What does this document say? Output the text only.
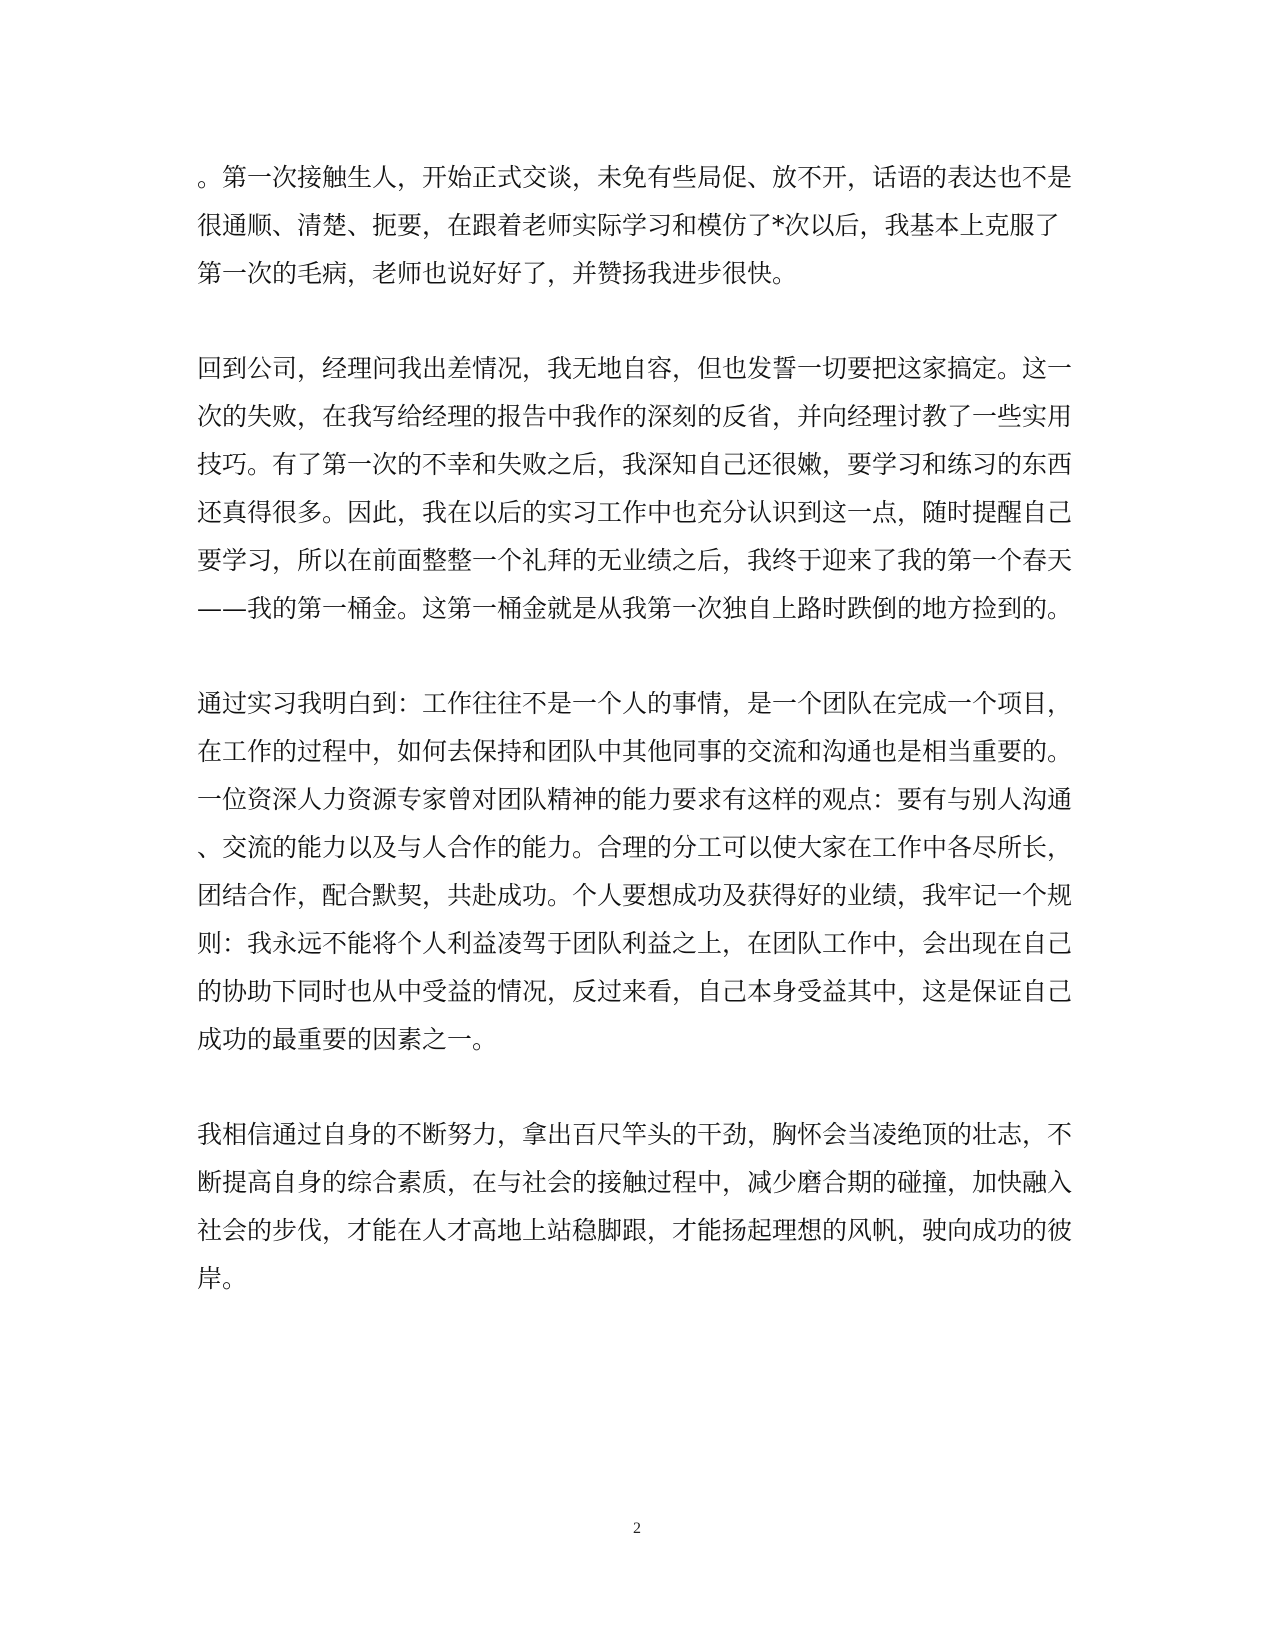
。第一次接触生人，开始正式交谈，未免有些局促、放不开，话语的表达也不是
很通顺、清楚、扼要，在跟着老师实际学习和模仿了*次以后，我基本上克服了
第一次的毛病，老师也说好好了，并赞扬我进步很快。
回到公司，经理问我出差情况，我无地自容，但也发誓一切要把这家搞定。这一
次的失败，在我写给经理的报告中我作的深刻的反省，并向经理讨教了一些实用
技巧。有了第一次的不幸和失败之后，我深知自己还很嫩，要学习和练习的东西
还真得很多。因此，我在以后的实习工作中也充分认识到这一点，随时提醒自己
要学习，所以在前面整整一个礼拜的无业绩之后，我终于迎来了我的第一个春天
——我的第一桶金。这第一桶金就是从我第一次独自上路时跌倒的地方捡到的。
通过实习我明白到：工作往往不是一个人的事情，是一个团队在完成一个项目，
在工作的过程中，如何去保持和团队中其他同事的交流和沟通也是相当重要的。
一位资深人力资源专家曾对团队精神的能力要求有这样的观点：要有与别人沟通
、交流的能力以及与人合作的能力。合理的分工可以使大家在工作中各尽所长，
团结合作，配合默契，共赴成功。个人要想成功及获得好的业绩，我牢记一个规
则：我永远不能将个人利益凌驾于团队利益之上，在团队工作中，会出现在自己
的协助下同时也从中受益的情况，反过来看，自己本身受益其中，这是保证自己
成功的最重要的因素之一。
我相信通过自身的不断努力，拿出百尺竿头的干劲，胸怀会当凌绝顶的壮志，不
断提高自身的综合素质，在与社会的接触过程中，减少磨合期的碰撞，加快融入
社会的步伐，才能在人才高地上站稳脚跟，才能扬起理想的风帆，驶向成功的彼
岸。
2
